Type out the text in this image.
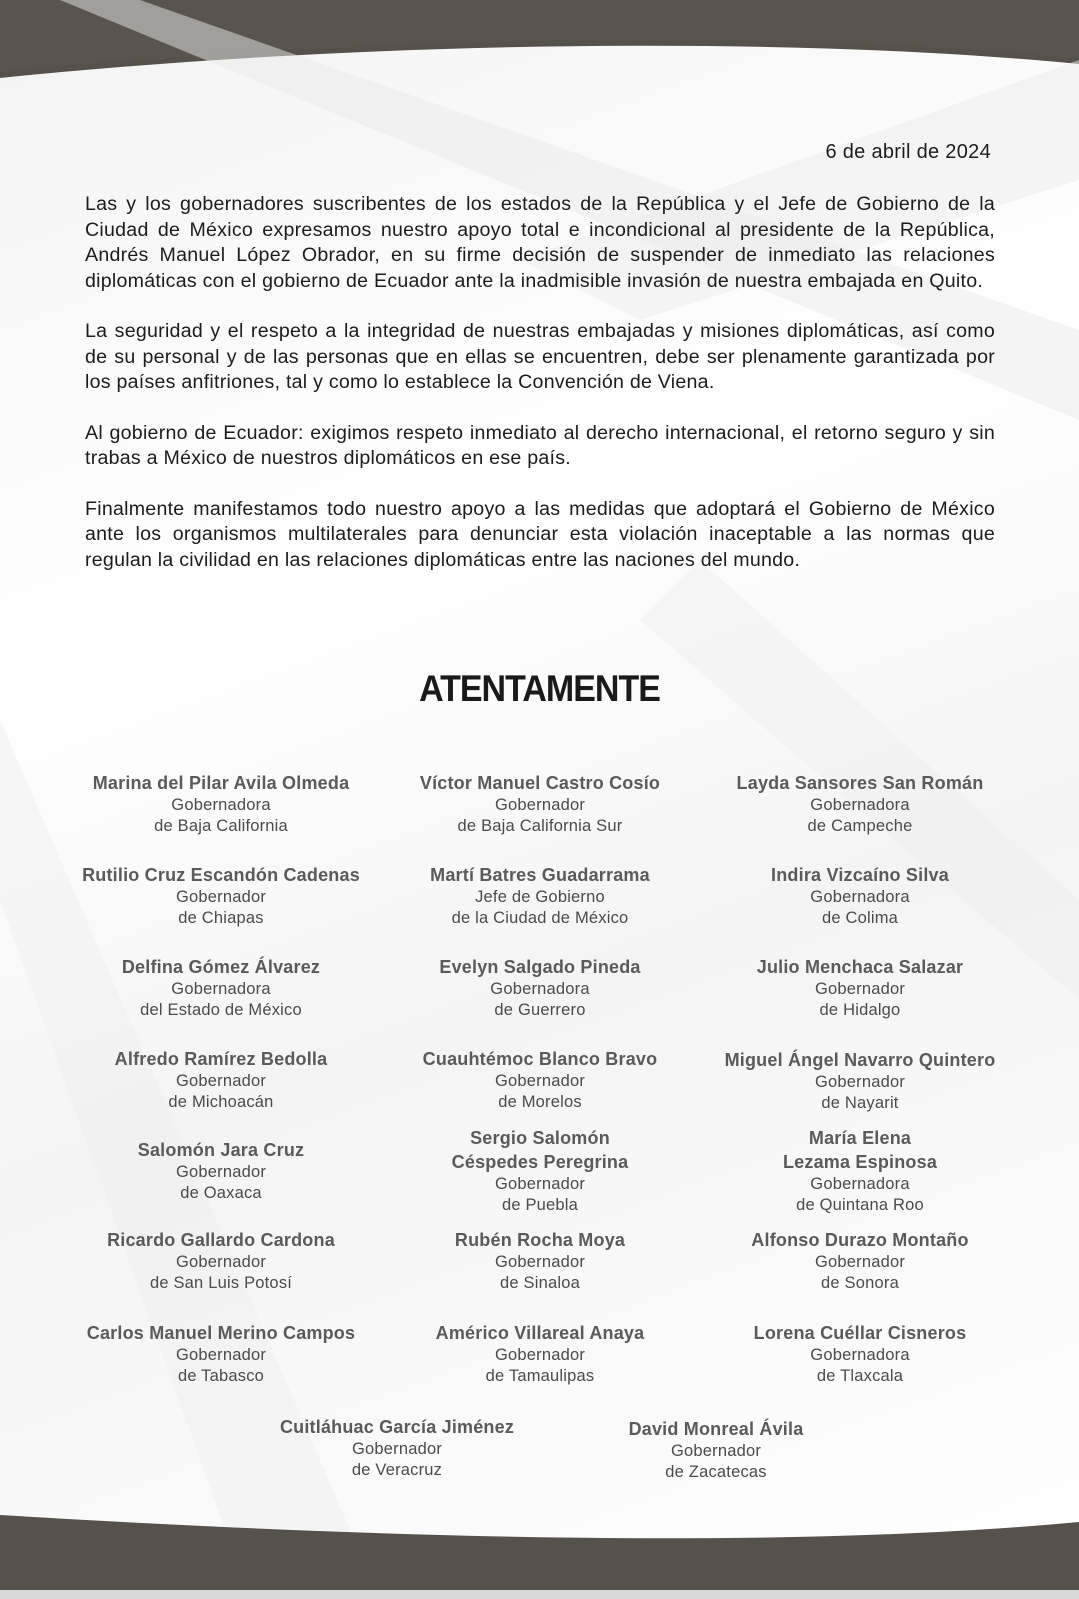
6 de abril de 2024

Las y los gobernadores suscribentes de los estados de la República y el Jefe de Gobierno de la Ciudad de México expresamos nuestro apoyo total e incondicional al presidente de la República, Andrés Manuel López Obrador, en su firme decisión de suspender de inmediato las relaciones diplomáticas con el gobierno de Ecuador ante la inadmisible invasión de nuestra embajada en Quito.

La seguridad y el respeto a la integridad de nuestras embajadas y misiones diplomáticas, así como de su personal y de las personas que en ellas se encuentren, debe ser plenamente garantizada por los países anfitriones, tal y como lo establece la Convención de Viena.

Al gobierno de Ecuador: exigimos respeto inmediato al derecho internacional, el retorno seguro y sin trabas a México de nuestros diplomáticos en ese país.

Finalmente manifestamos todo nuestro apoyo a las medidas que adoptará el Gobierno de México ante los organismos multilaterales para denunciar esta violación inaceptable a las normas que regulan la civilidad en las relaciones diplomáticas entre las naciones del mundo.

ATENTAMENTE
Marina del Pilar Avila Olmeda
Gobernadora
de Baja California
Víctor Manuel Castro Cosío
Gobernador
de Baja California Sur
Layda Sansores San Román
Gobernadora
de Campeche
Rutilio Cruz Escandón Cadenas
Gobernador
de Chiapas
Martí Batres Guadarrama
Jefe de Gobierno
de la Ciudad de México
Indira Vizcaíno Silva
Gobernadora
de Colima
Delfina Gómez Álvarez
Gobernadora
del Estado de México
Evelyn Salgado Pineda
Gobernadora
de Guerrero
Julio Menchaca Salazar
Gobernador
de Hidalgo
Alfredo Ramírez Bedolla
Gobernador
de Michoacán
Cuauhtémoc Blanco Bravo
Gobernador
de Morelos
Miguel Ángel Navarro Quintero
Gobernador
de Nayarit
Salomón Jara Cruz
Gobernador
de Oaxaca
Sergio Salomón
Céspedes Peregrina
Gobernador
de Puebla
María Elena
Lezama Espinosa
Gobernadora
de Quintana Roo
Ricardo Gallardo Cardona
Gobernador
de San Luis Potosí
Rubén Rocha Moya
Gobernador
de Sinaloa
Alfonso Durazo Montaño
Gobernador
de Sonora
Carlos Manuel Merino Campos
Gobernador
de Tabasco
Américo Villareal Anaya
Gobernador
de Tamaulipas
Lorena Cuéllar Cisneros
Gobernadora
de Tlaxcala
Cuitláhuac García Jiménez
Gobernador
de Veracruz
David Monreal Ávila
Gobernador
de Zacatecas
